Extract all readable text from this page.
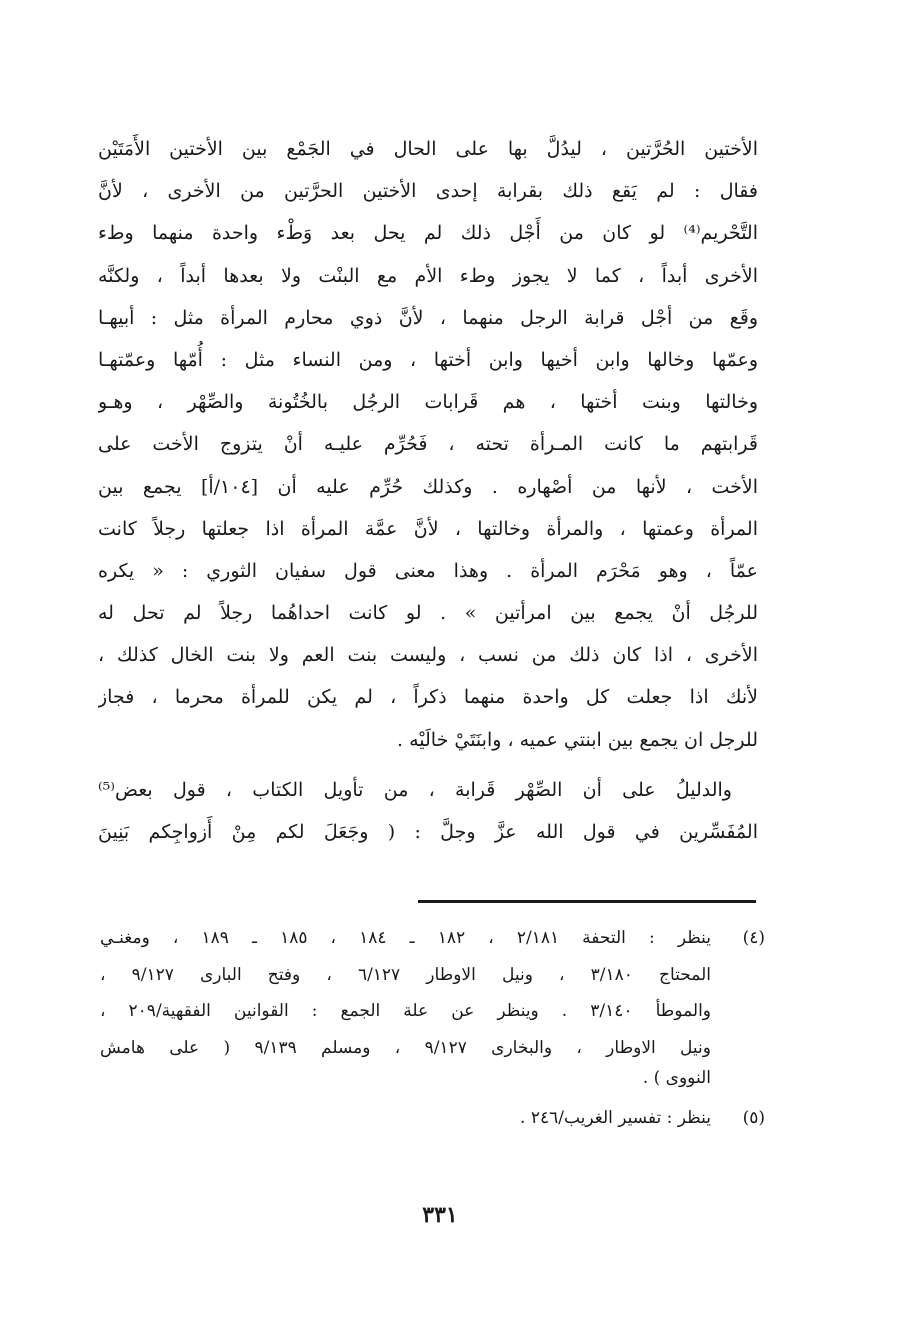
الأختين الحُرَّتين ، ليدُلَّ بها على الحال في الجَمْع بين الأختين الأَمَتَيْن
فقال : لم يَقع ذلك بقرابة إحدى الأختين الحرَّتين من الأخرى ، لأنَّ
التَّحْريم⁽⁴⁾ لو كان من أَجْل ذلك لم يحل بعد وَطْء واحدة منهما وطء
الأخرى أبداً ، كما لا يجوز وطء الأم مع البنْت ولا بعدها أبداً ، ولكنَّه
وقَع من أجْل قرابة الرجل منهما ، لأنَّ ذوي محارم المرأة مثل : أبيهـا
وعمّها وخالها وابن أخيها وابن أختها ، ومن النساء مثل : أُمّها وعمّتهـا
وخالتها وبنت أختها ، هم قَرابات الرجُل بالخُتُونة والصِّهْر ، وهـو
قَرابتهم ما كانت المـرأة تحته ، فَحُرِّم عليـه أنْ يتزوج الأخت على
الأخت ، لأنها من أصْهاره . وكذلك حُرِّم عليه أن [١٠٤/أ] يجمع بين
المرأة وعمتها ، والمرأة وخالتها ، لأنَّ عمَّة المرأة اذا جعلتها رجلاً كانت
عمّاً ، وهو مَحْرَم المرأة . وهذا معنى قول سفيان الثوري : « يكره
للرجُل أنْ يجمع بين امرأتين » . لو كانت احداهُما رجلاً لم تحل له
الأخرى ، اذا كان ذلك من نسب ، وليست بنت العم ولا بنت الخال كذلك ،
لأنك اذا جعلت كل واحدة منهما ذكراً ، لم يكن للمرأة محرما ، فجاز
للرجل ان يجمع بين ابنتي عميه ، وابنَتَيْ خالَيْه .
والدليلُ على أن الصِّهْر قَرابة ، من تأويل الكتاب ، قول بعض⁽⁵⁾
المُفَسِّرين في قول الله عزَّ وجلَّ : ( وجَعَلَ لكم مِنْ أَزواجِكم بَنِينَ
(٤)
ينظر : التحفة ٢/١٨١ ، ١٨٢ ـ ١٨٤ ، ١٨٥ ـ ١٨٩ ، ومغنـي
المحتاج ٣/١٨٠ ، ونيل الاوطار ٦/١٢٧ ، وفتح البارى ٩/١٢٧ ،
والموطأ ٣/١٤٠ . وينظر عن علة الجمع : القوانين الفقهية/٢٠٩ ،
ونيل الاوطار ، والبخارى ٩/١٢٧ ، ومسلم ٩/١٣٩ ( على هامش
النووى ) .
(٥)
ينظر : تفسير الغريب/٢٤٦ .
٣٣١
